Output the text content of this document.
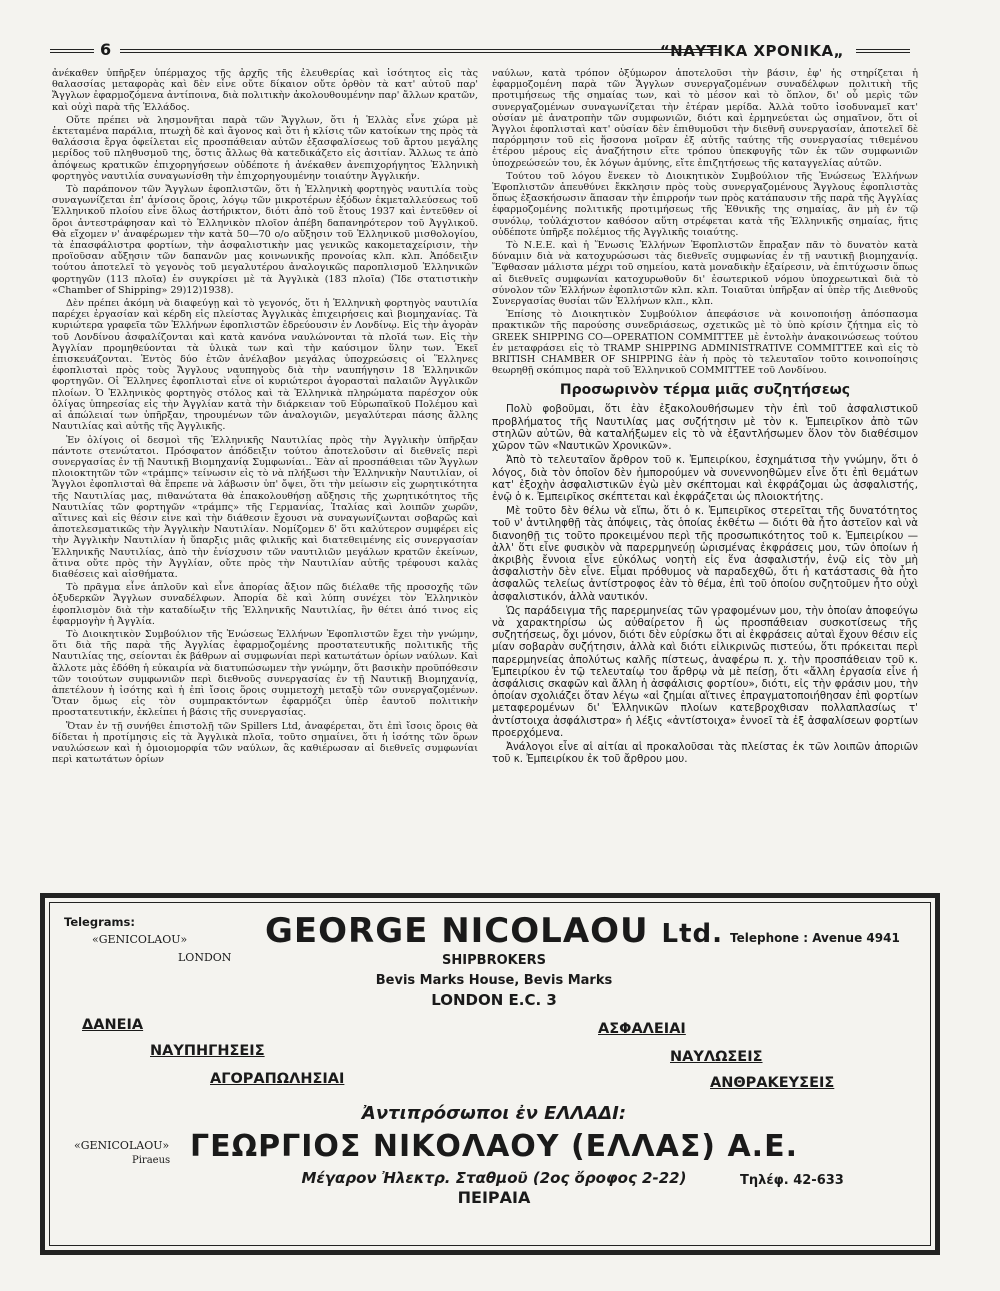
6	“ΝΑΥΤΙΚΑ ΧΡΟΝΙΚΑ„

ἀνέκαθεν ὑπῆρξεν ὑπέρμαχος τῆς ἀρχῆς τῆς ἐλευθερίας καὶ ἰσότητος εἰς τὰς θαλασσίας μεταφορὰς καὶ δὲν εἶνε οὔτε δίκαιον οὔτε ὀρθὸν τὰ κατ' αὐτοῦ παρ' Ἄγγλων ἐφαρμοζόμενα ἀντίποινα, διὰ πολιτικὴν ἀκολουθουμένην παρ' ἄλλων κρατῶν, καὶ οὐχὶ παρὰ τῆς Ἑλλάδος.

Οὔτε πρέπει νὰ λησμονῆται παρὰ τῶν Ἄγγλων, ὅτι ἡ Ἑλλὰς εἶνε χώρα μὲ ἐκτεταμένα παράλια, πτωχὴ δὲ καὶ ἄγονος καὶ ὅτι ἡ κλίσις τῶν κατοίκων της πρὸς τὰ θαλάσσια ἔργα ὀφείλεται εἰς προσπάθειαν αὐτῶν ἐξασφαλίσεως τοῦ ἄρτου μεγάλης μερίδος τοῦ πληθυσμοῦ της, ὅστις ἄλλως θὰ κατεδικάζετο εἰς ἀσιτίαν. Ἄλλως τε ἀπὸ ἀπόψεως κρατικῶν ἐπιχορηγήσεων οὐδέποτε ἡ ἀνέκαθεν ἀνεπιχορήγητος Ἑλληνικὴ φορτηγὸς ναυτιλία συναγωνίσθη τὴν ἐπιχορηγουμένην τοιαύτην Ἀγγλικήν.

Τὸ παράπονον τῶν Ἄγγλων ἐφοπλιστῶν, ὅτι ἡ Ἑλληνικὴ φορτηγὸς ναυτιλία τοὺς συναγωνίζεται ἐπ' ἀνίσοις ὅροις, λόγῳ τῶν μικροτέρων ἐξόδων ἐκμεταλλεύσεως τοῦ Ἑλληνικοῦ πλοίου εἶνε ὅλως ἀστήρικτον, διότι ἀπὸ τοῦ ἔτους 1937 καὶ ἐντεῦθεν οἱ ὅροι ἀντεστράφησαν καὶ τὸ Ἑλληνικὸν πλοῖον ἀπέβη δαπανηρότερον τοῦ Ἀγγλικοῦ. Θὰ εἴχομεν ν' ἀναφέρωμεν τὴν κατὰ 50—70 ο/ο αὔξησιν τοῦ Ἑλληνικοῦ μισθολογίου, τὰ ἐπασφάλιστρα φορτίων, τὴν ἀσφαλιστικὴν μας γενικῶς κακομεταχείρισιν, τὴν προϊοῦσαν αὔξησιν τῶν δαπανῶν μας κοινωνικῆς προνοίας κλπ. κλπ. Ἀπόδειξιν τούτου ἀποτελεῖ τὸ γεγονὸς τοῦ μεγαλυτέρου ἀναλογικῶς παροπλισμοῦ Ἑλληνικῶν φορτηγῶν (113 πλοῖα) ἐν συγκρίσει μὲ τὰ Ἀγγλικὰ (183 πλοῖα) (Ἴδε στατιστικὴν «Chamber of Shipping» 29)12)1938).

Δὲν πρέπει ἀκόμη νὰ διαφεύγῃ καὶ τὸ γεγονός, ὅτι ἡ Ἑλληνικὴ φορτηγὸς ναυτιλία παρέχει ἐργασίαν καὶ κέρδη εἰς πλείστας Ἀγγλικὰς ἐπιχειρήσεις καὶ βιομηχανίας. Τὰ κυριώτερα γραφεῖα τῶν Ἑλλήνων ἐφοπλιστῶν ἑδρεύουσιν ἐν Λονδίνῳ. Εἰς τὴν ἀγορὰν τοῦ Λονδίνου ἀσφαλίζονται καὶ κατὰ κανόνα ναυλώνονται τὰ πλοῖά των. Εἰς τὴν Ἀγγλίαν προμηθεύονται τὰ ὑλικὰ των καὶ τὴν καύσιμον ὕλην των. Ἐκεῖ ἐπισκευάζονται. Ἐντὸς δύο ἐτῶν ἀνέλαβον μεγάλας ὑποχρεώσεις οἱ Ἕλληνες ἐφοπλισταὶ πρὸς τοὺς Ἄγγλους ναυπηγοὺς διὰ τὴν ναυπήγησιν 18 Ἑλληνικῶν φορτηγῶν. Οἱ Ἕλληνες ἐφοπλισταὶ εἶνε οἱ κυριώτεροι ἀγορασταὶ παλαιῶν Ἀγγλικῶν πλοίων. Ὁ Ἑλληνικὸς φορτηγὸς στόλος καὶ τὰ Ἑλληνικὰ πληρώματα παρέσχον οὐκ ὀλίγας ὑπηρεσίας εἰς τὴν Ἀγγλίαν κατὰ τὴν διάρκειαν τοῦ Εὐρωπαϊκοῦ Πολέμου καὶ αἱ ἀπώλειαί των ὑπῆρξαν, τηρουμένων τῶν ἀναλογιῶν, μεγαλύτεραι πάσης ἄλλης Ναυτιλίας καὶ αὐτῆς τῆς Ἀγγλικῆς.

Ἐν ὀλίγοις οἱ δεσμοὶ τῆς Ἑλληνικῆς Ναυτιλίας πρὸς τὴν Ἀγγλικὴν ὑπῆρξαν πάντοτε στενώτατοι. Πρόσφατον ἀπόδειξιν τούτου ἀποτελοῦσιν αἱ διεθνεῖς περὶ συνεργασίας ἐν τῇ Ναυτικῇ Βιομηχανίᾳ Συμφωνίαι.. Ἐὰν αἱ προσπάθειαι τῶν Ἄγγλων πλοιοκτητῶν τῶν «τράμπς» τείνωσιν εἰς τὸ νὰ πλήξωσι τὴν Ἑλληνικὴν Ναυτιλίαν, οἱ Ἄγγλοι ἐφοπλισταὶ θὰ ἔπρεπε νὰ λάβωσιν ὑπ' ὄψει, ὅτι τὴν μείωσιν εἰς χωρητικότητα τῆς Ναυτιλίας μας, πιθανώτατα θὰ ἐπακολουθήσῃ αὔξησις τῆς χωρητικότητος τῆς Ναυτιλίας τῶν φορτηγῶν «τράμπς» τῆς Γερμανίας, Ἰταλίας καὶ λοιπῶν χωρῶν, αἵτινες καὶ εἰς θέσιν εἶνε καὶ τὴν διάθεσιν ἔχουσι νὰ συναγωνίζωνται σοβαρῶς καὶ ἀποτελεσματικῶς τὴν Ἀγγλικὴν Ναυτιλίαν. Νομίζομεν δ' ὅτι καλύτερον συμφέρει εἰς τὴν Ἀγγλικὴν Ναυτιλίαν ἡ ὕπαρξις μιᾶς φιλικῆς καὶ διατεθειμένης εἰς συνεργασίαν Ἑλληνικῆς Ναυτιλίας, ἀπὸ τὴν ἐνίσχυσιν τῶν ναυτιλιῶν μεγάλων κρατῶν ἐκείνων, ἅτινα οὔτε πρὸς τὴν Ἀγγλίαν, οὔτε πρὸς τὴν Ναυτιλίαν αὐτῆς τρέφουσι καλὰς διαθέσεις καὶ αἰσθήματα.

Τὸ πρᾶγμα εἶνε ἁπλοῦν καὶ εἶνε ἀπορίας ἄξιον πῶς διέλαθε τῆς προσοχῆς τῶν ὀξυδερκῶν Ἄγγλων συναδέλφων. Ἀπορία δὲ καὶ λύπη συνέχει τὸν Ἑλληνικὸν ἐφοπλισμὸν διὰ τὴν καταδίωξιν τῆς Ἑλληνικῆς Ναυτιλίας, ἣν θέτει ἀπό τινος εἰς ἐφαρμογὴν ἡ Ἀγγλία.

Τὸ Διοικητικὸν Συμβούλιον τῆς Ἑνώσεως Ἑλλήνων Ἐφοπλιστῶν ἔχει τὴν γνώμην, ὅτι διὰ τῆς παρὰ τῆς Ἀγγλίας ἐφαρμοζομένης προστατευτικῆς πολιτικῆς τῆς Ναυτιλίας της, σείονται ἐκ βάθρων αἱ συμφωνίαι περὶ κατωτάτων ὁρίων ναύλων. Καὶ ἄλλοτε μὰς ἐδόθη ἡ εὐκαιρία νὰ διατυπώσωμεν τὴν γνώμην, ὅτι βασικὴν προϋπόθεσιν τῶν τοιούτων συμφωνιῶν περὶ διεθνοῦς συνεργασίας ἐν τῇ Ναυτικῇ Βιομηχανίᾳ, ἀπετέλουν ἡ ἰσότης καὶ ἡ ἐπὶ ἴσοις ὅροις συμμετοχὴ μεταξὺ τῶν συνεργαζομένων. Ὅταν ὅμως εἰς τὸν συμπρακτόντων ἐφαρμόζει ὑπὲρ ἑαυτοῦ πολιτικὴν προστατευτικήν, ἐκλείπει ἡ βάσις τῆς συνεργασίας.

Ὅταν ἐν τῇ συνήθει ἐπιστολῇ τῶν Spillers Ltd, ἀναφέρεται, ὅτι ἐπὶ ἴσοις ὅροις θὰ δίδεται ἡ προτίμησις εἰς τὰ Ἀγγλικὰ πλοῖα, τοῦτο σημαίνει, ὅτι ἡ ἰσότης τῶν ὅρων ναυλώσεων καὶ ἡ ὁμοιομορφία τῶν ναύλων, ἃς καθιέρωσαν αἱ διεθνεῖς συμφωνίαι περὶ κατωτάτων ὁρίων

ναύλων, κατὰ τρόπον ὀξύμωρον ἀποτελοῦσι τὴν βάσιν, ἐφ' ἧς στηρίζεται ἡ ἐφαρμοζομένη παρὰ τῶν Ἄγγλων συνεργαζομένων συναδέλφων πολιτικὴ τῆς προτιμήσεως τῆς σημαίας των, καὶ τὸ μέσον καὶ τὸ ὅπλον, δι' οὗ μερὶς τῶν συνεργαζομένων συναγωνίζεται τὴν ἑτέραν μερίδα. Ἀλλὰ τοῦτο ἰσοδυναμεῖ κατ' οὐσίαν μὲ ἀνατροπὴν τῶν συμφωνιῶν, διότι καὶ ἑρμηνεύεται ὡς σημαῖνον, ὅτι οἱ Ἄγγλοι ἐφοπλισταὶ κατ' οὐσίαν δὲν ἐπιθυμοῦσι τὴν διεθνῆ συνεργασίαν, ἀποτελεῖ δὲ παρόρμησιν τοῦ εἰς ἥσσονα μοῖραν ἐξ αὐτῆς ταύτης τῆς συνεργασίας τιθεμένου ἑτέρου μέρους εἰς ἀναζήτησιν εἴτε τρόπου ὑπεκφυγῆς τῶν ἐκ τῶν συμφωνιῶν ὑποχρεώσεών του, ἐκ λόγων ἀμύνης, εἴτε ἐπιζητήσεως τῆς καταγγελίας αὐτῶν.

Τούτου τοῦ λόγου ἕνεκεν τὸ Διοικητικὸν Συμβούλιον τῆς Ἑνώσεως Ἑλλήνων Ἐφοπλιστῶν ἀπευθύνει ἔκκλησιν πρὸς τοὺς συνεργαζομένους Ἄγγλους ἐφοπλιστὰς ὅπως ἐξασκήσωσιν ἅπασαν τὴν ἐπιρροήν των πρὸς κατάπαυσιν τῆς παρὰ τῆς Ἀγγλίας ἐφαρμοζομένης πολιτικῆς προτιμήσεως τῆς Ἐθνικῆς της σημαίας, ἂν μὴ ἐν τῷ συνόλῳ, τοὐλάχιστον καθόσον αὕτη στρέφεται κατὰ τῆς Ἑλληνικῆς σημαίας, ἥτις οὐδέποτε ὑπῆρξε πολέμιος τῆς Ἀγγλικῆς τοιαύτης.

Τὸ Ν.Ε.Ε. καὶ ἡ Ἕνωσις Ἑλλήνων Ἐφοπλιστῶν ἔπραξαν πᾶν τὸ δυνατὸν κατὰ δύναμιν διὰ νὰ κατοχυρώσωσι τὰς διεθνεῖς συμφωνίας ἐν τῇ ναυτικῇ βιομηχανίᾳ. Ἔφθασαν μάλιστα μέχρι τοῦ σημείου, κατὰ μοναδικὴν ἐξαίρεσιν, νὰ ἐπιτύχωσιν ὅπως αἱ διεθνεῖς συμφωνίαι κατοχυρωθοῦν δι' ἐσωτερικοῦ νόμου ὑποχρεωτικαὶ διὰ τὸ σύνολον τῶν Ἑλλήνων ἐφοπλιστῶν κλπ. κλπ. Τοιαῦται ὑπῆρξαν αἱ ὑπὲρ τῆς Διεθνοῦς Συνεργασίας θυσίαι τῶν Ἑλλήνων κλπ., κλπ.

Ἐπίσης τὸ Διοικητικὸν Συμβούλιον ἀπεφάσισε νὰ κοινοποιήσῃ ἀπόσπασμα πρακτικῶν τῆς παρούσης συνεδριάσεως, σχετικῶς μὲ τὸ ὑπὸ κρίσιν ζήτημα εἰς τὸ GREEK SHIPPING CO—OPERATION COMMITTEE μὲ ἐντολὴν ἀνακοινώσεως τούτου ἐν μεταφράσει εἰς τὸ TRAMP SHIPPING ADMINISTRATIVE COMMITTEE καὶ εἰς τὸ BRITISH CHAMBER OF SHIPPING ἐὰν ἡ πρὸς τὸ τελευταῖον τοῦτο κοινοποίησις θεωρηθῇ σκόπιμος παρὰ τοῦ Ἑλληνικοῦ COMMITTEE τοῦ Λονδίνου.

Προσωρινὸν τέρμα μιᾶς συζητήσεως

Πολὺ φοβοῦμαι, ὅτι ἐὰν ἐξακολουθήσωμεν τὴν ἐπὶ τοῦ ἀσφαλιστικοῦ προβλήματος τῆς Ναυτιλίας μας συζήτησιν μὲ τὸν κ. Ἐμπειρῖκον ἀπὸ τῶν στηλῶν αὐτῶν, θὰ καταλήξωμεν εἰς τὸ νὰ ἐξαντλήσωμεν ὅλον τὸν διαθέσιμον χῶρον τῶν «Ναυτικῶν Χρονικῶν».

Ἀπὸ τὸ τελευταῖον ἄρθρον τοῦ κ. Ἐμπειρίκου, ἐσχημάτισα τὴν γνώμην, ὅτι ὁ λόγος, διὰ τὸν ὁποῖον δὲν ἠμπορούμεν νὰ συνεννοηθῶμεν εἶνε ὅτι ἐπὶ θεμάτων κατ' ἐξοχὴν ἀσφαλιστικῶν ἐγὼ μὲν σκέπτομαι καὶ ἐκφράζομαι ὡς ἀσφαλιστής, ἐνῷ ὁ κ. Ἐμπειρῖκος σκέπτεται καὶ ἐκφράζεται ὡς πλοιοκτήτης.

Μὲ τοῦτο δὲν θέλω νὰ εἴπω, ὅτι ὁ κ. Ἐμπειρῖκος στερεῖται τῆς δυνατότητος τοῦ ν' ἀντιληφθῇ τὰς ἀπόψεις, τὰς ὁποίας ἐκθέτω — διότι θὰ ἦτο ἀστεῖον καὶ νὰ διανοηθῇ τις τοῦτο προκειμένου περὶ τῆς προσωπικότητος τοῦ κ. Ἐμπειρίκου — ἀλλ' ὅτι εἶνε φυσικὸν νὰ παρερμηνεύῃ ὡρισμένας ἐκφράσεις μου, τῶν ὁποίων ἡ ἀκριβὴς ἔννοια εἶνε εὐκόλως νοητὴ εἰς ἕνα ἀσφαλιστήν, ἐνῷ εἰς τὸν μὴ ἀσφαλιστὴν δὲν εἶνε. Εἶμαι πρόθυμος νὰ παραδεχθῶ, ὅτι ἡ κατάστασις θὰ ἦτο ἀσφαλῶς τελείως ἀντίστροφος ἐὰν τὸ θέμα, ἐπὶ τοῦ ὁποίου συζητοῦμεν ἦτο οὐχὶ ἀσφαλιστικόν, ἀλλὰ ναυτικόν.

Ὡς παράδειγμα τῆς παρερμηνείας τῶν γραφομένων μου, τὴν ὁποίαν ἀποφεύγω νὰ χαρακτηρίσω ὡς αὐθαίρετον ἢ ὡς προσπάθειαν συσκοτίσεως τῆς συζητήσεως, ὄχι μόνον, διότι δὲν εὑρίσκω ὅτι αἱ ἐκφράσεις αὐταὶ ἔχουν θέσιν εἰς μίαν σοβαρὰν συζήτησιν, ἀλλὰ καὶ διότι εἰλικρινῶς πιστεύω, ὅτι πρόκειται περὶ παρερμηνείας ἀπολύτως καλῆς πίστεως, ἀναφέρω π. χ. τὴν προσπάθειαν τοῦ κ. Ἐμπειρίκου ἐν τῷ τελευταίῳ του ἄρθρῳ νὰ μὲ πείσῃ, ὅτι «ἄλλη ἐργασία εἶνε ἡ ἀσφάλισις σκαφῶν καὶ ἄλλη ἡ ἀσφάλισις φορτίου», διότι, εἰς τὴν φράσιν μου, τὴν ὁποίαν σχολιάζει ὅταν λέγω «αἱ ζημίαι αἵτινες ἐπραγματοποιήθησαν ἐπὶ φορτίων μεταφερομένων δι' Ἑλληνικῶν πλοίων κατεβροχθισαν πολλαπλασίως τ' ἀντίστοιχα ἀσφάλιστρα» ἡ λέξις «ἀντίστοιχα» ἐννοεῖ τὰ ἐξ ἀσφαλίσεων φορτίων προερχόμενα.

Ἀνάλογοι εἶνε αἱ αἰτίαι αἱ προκαλοῦσαι τὰς πλείστας ἐκ τῶν λοιπῶν ἀποριῶν τοῦ κ. Ἐμπειρίκου ἐκ τοῦ ἄρθρου μου.

Telegrams:
«GENICOLAOU»
LONDON
GEORGE NICOLAOU Ltd.
SHIPBROKERS
Bevis Marks House, Bevis Marks
LONDON E.C. 3
Telephone : Avenue 4941
ΔΑΝΕΙΑ
ΝΑΥΠΗΓΗΣΕΙΣ
ΑΓΟΡΑΠΩΛΗΣΙΑΙ
ΑΣΦΑΛΕΙΑΙ
ΝΑΥΛΩΣΕΙΣ
ΑΝΘΡΑΚΕΥΣΕΙΣ
Ἀντιπρόσωποι ἐν ΕΛΛΑΔΙ:
ΓΕΩΡΓΙΟΣ ΝΙΚΟΛΑΟΥ (ΕΛΛΑΣ) Α.Ε.
Μέγαρον Ἠλεκτρ. Σταθμοῦ (2ος ὄροφος 2-22)
ΠΕΙΡΑΙΑ
«GENICOLAOU»
Piraeus
Τηλέφ. 42-633
